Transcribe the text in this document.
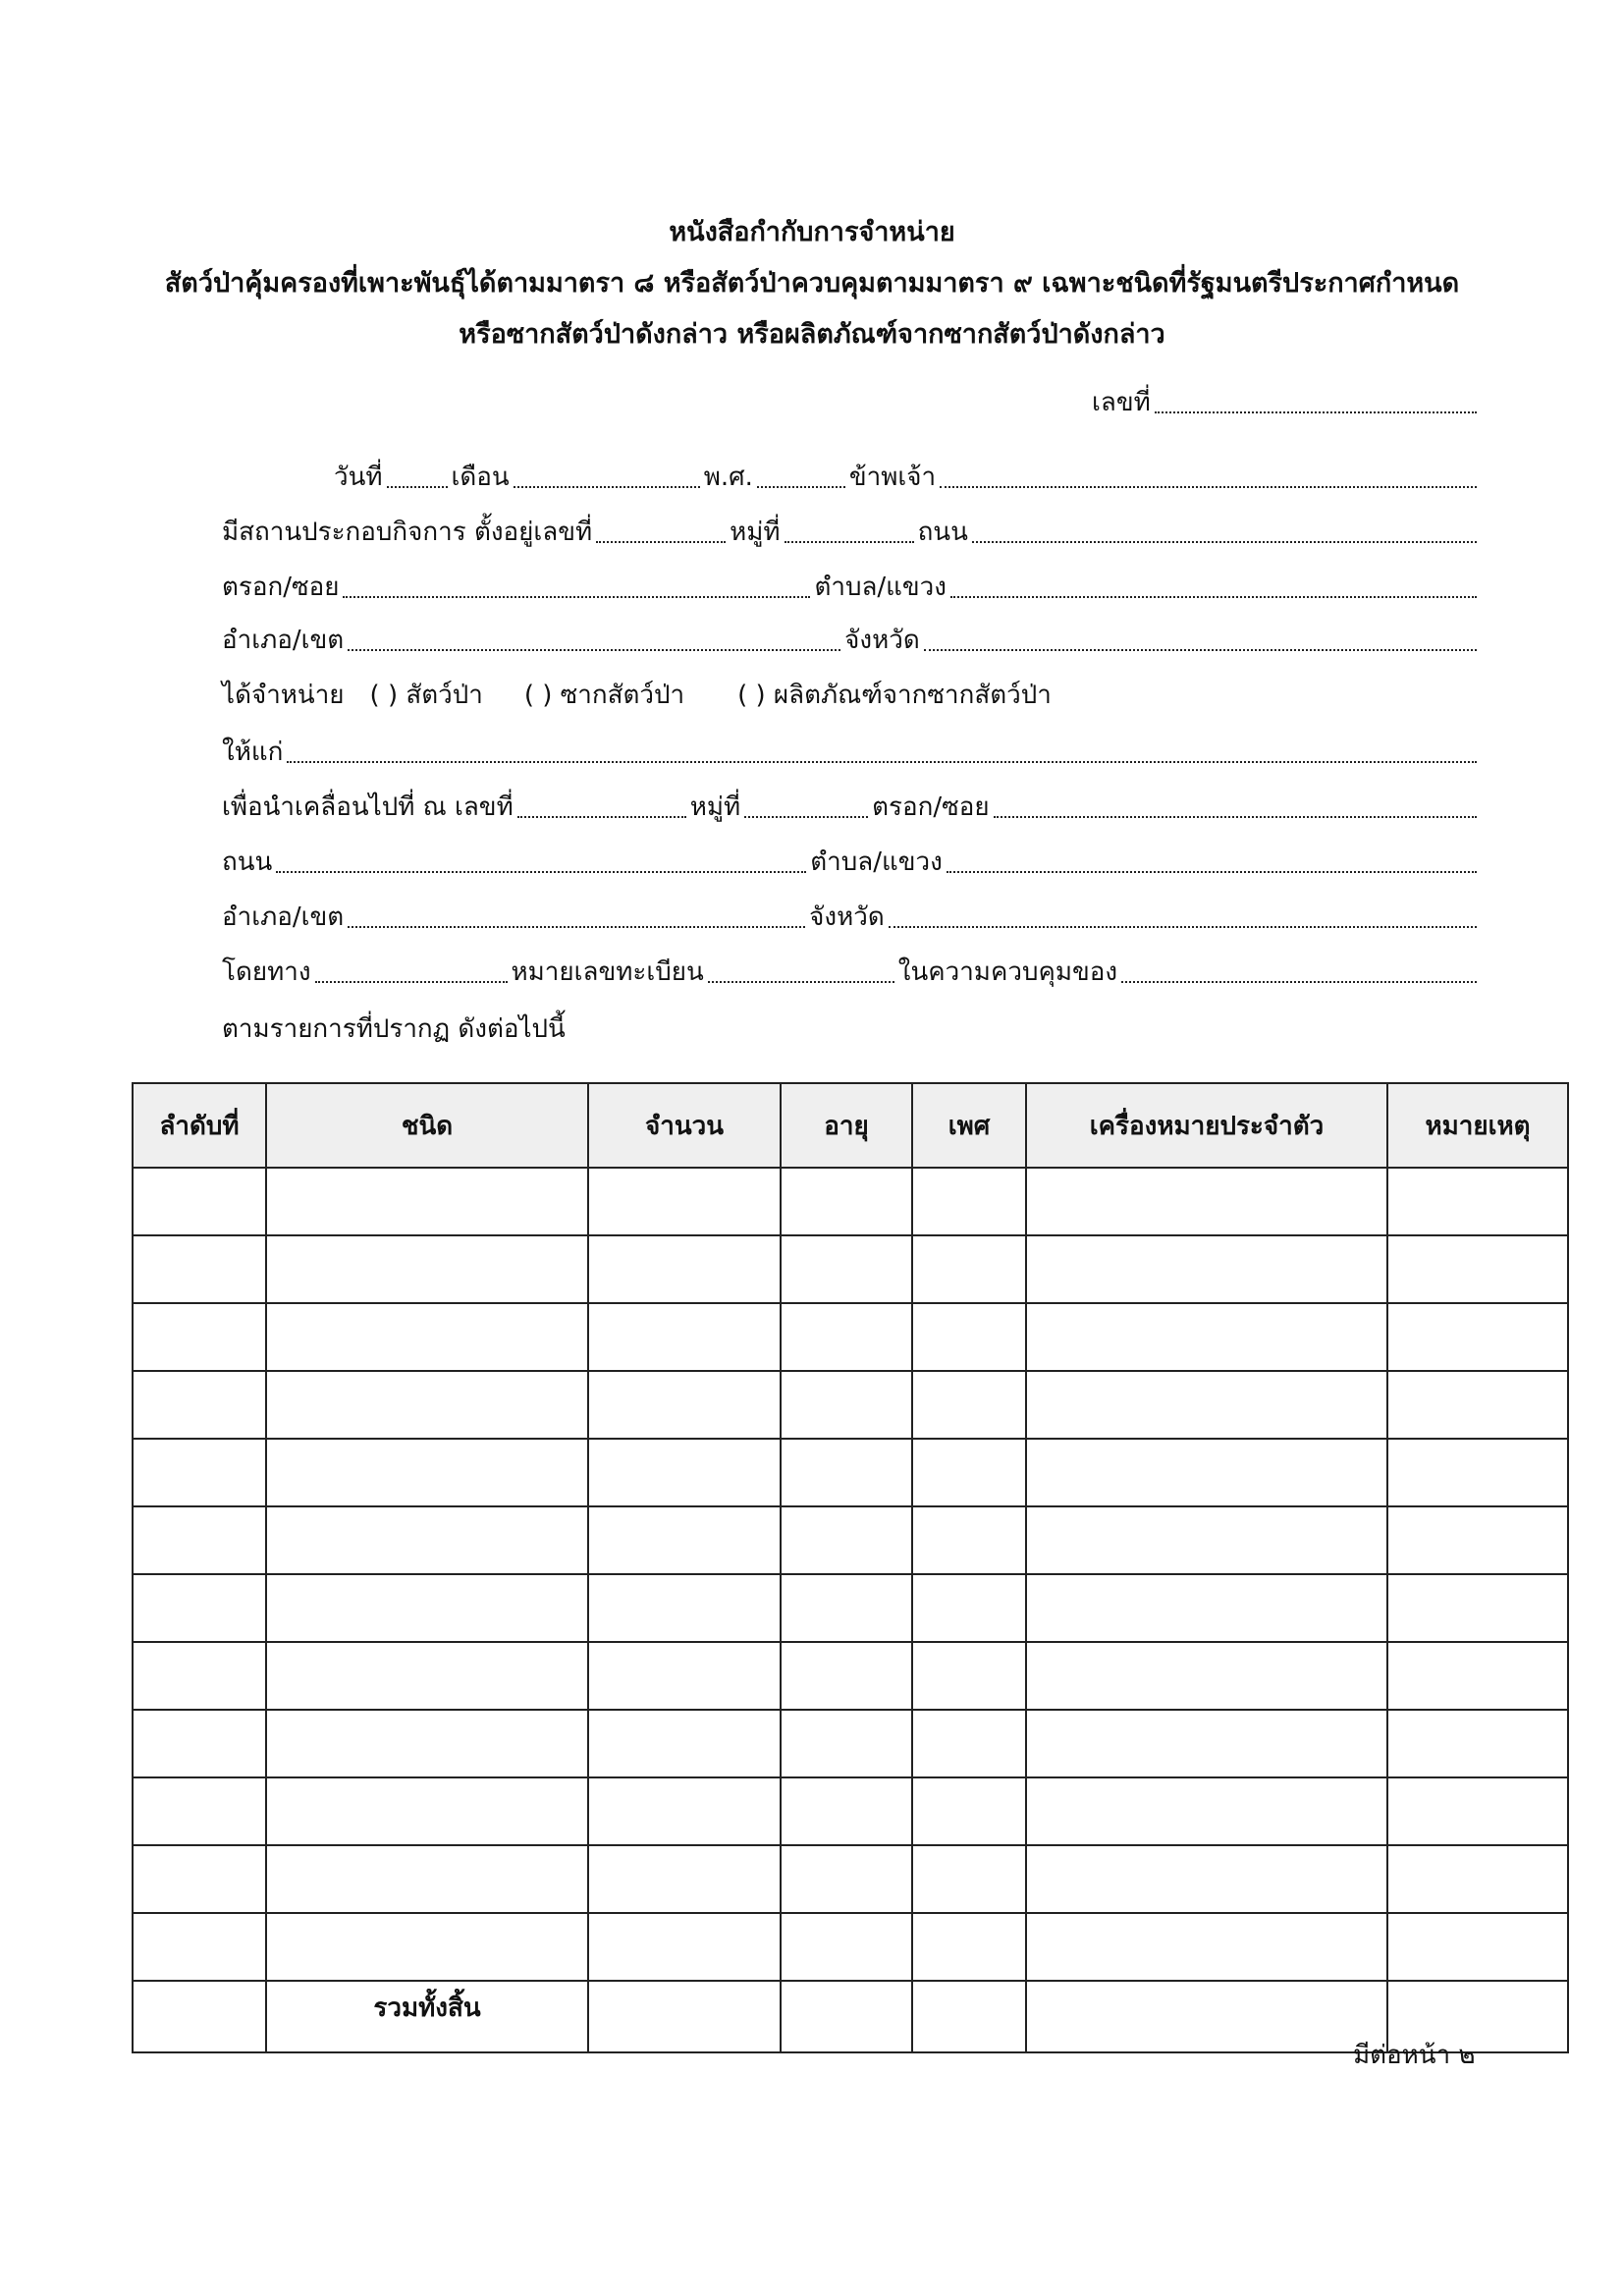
หนังสือกำกับการจำหน่าย
สัตว์ป่าคุ้มครองที่เพาะพันธุ์ได้ตามมาตรา ๘ หรือสัตว์ป่าควบคุมตามมาตรา ๙ เฉพาะชนิดที่รัฐมนตรีประกาศกำหนด
หรือซากสัตว์ป่าดังกล่าว หรือผลิตภัณฑ์จากซากสัตว์ป่าดังกล่าว
เลขที่
วันที่	เดือน	พ.ศ.	ข้าพเจ้า
มีสถานประกอบกิจการ ตั้งอยู่เลขที่	หมู่ที่	ถนน
ตรอก/ซอย	ตำบล/แขวง
อำเภอ/เขต	จังหวัด
ได้จำหน่าย ( ) สัตว์ป่า ( ) ซากสัตว์ป่า ( ) ผลิตภัณฑ์จากซากสัตว์ป่า
ให้แก่
เพื่อนำเคลื่อนไปที่ ณ เลขที่	หมู่ที่	ตรอก/ซอย
ถนน	ตำบล/แขวง
อำเภอ/เขต	จังหวัด
โดยทาง	หมายเลขทะเบียน	ในความควบคุมของ
ตามรายการที่ปรากฏ ดังต่อไปนี้
ลำดับที่	ชนิด	จำนวน	อายุ	เพศ	เครื่องหมายประจำตัว	หมายเหตุ

	รวมทั้งสิ้น					
มีต่อหน้า ๒
